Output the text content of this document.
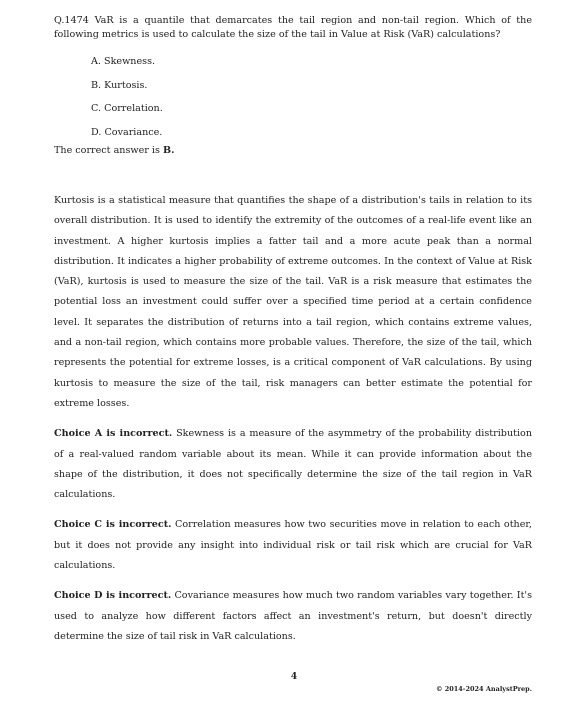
Q.1474 VaR is a quantile that demarcates the tail region and non-tail region. Which of the following metrics is used to calculate the size of the tail in Value at Risk (VaR) calculations?

A. Skewness.
B. Kurtosis.
C. Correlation.
D. Covariance.

The correct answer is B.

Kurtosis is a statistical measure that quantifies the shape of a distribution's tails in relation to its overall distribution. It is used to identify the extremity of the outcomes of a real-life event like an investment. A higher kurtosis implies a fatter tail and a more acute peak than a normal distribution. It indicates a higher probability of extreme outcomes. In the context of Value at Risk (VaR), kurtosis is used to measure the size of the tail. VaR is a risk measure that estimates the potential loss an investment could suffer over a specified time period at a certain confidence level. It separates the distribution of returns into a tail region, which contains extreme values, and a non-tail region, which contains more probable values. Therefore, the size of the tail, which represents the potential for extreme losses, is a critical component of VaR calculations. By using kurtosis to measure the size of the tail, risk managers can better estimate the potential for extreme losses.

Choice A is incorrect. Skewness is a measure of the asymmetry of the probability distribution of a real-valued random variable about its mean. While it can provide information about the shape of the distribution, it does not specifically determine the size of the tail region in VaR calculations.

Choice C is incorrect. Correlation measures how two securities move in relation to each other, but it does not provide any insight into individual risk or tail risk which are crucial for VaR calculations.

Choice D is incorrect. Covariance measures how much two random variables vary together. It's used to analyze how different factors affect an investment's return, but doesn't directly determine the size of tail risk in VaR calculations.

4
© 2014-2024 AnalystPrep.
